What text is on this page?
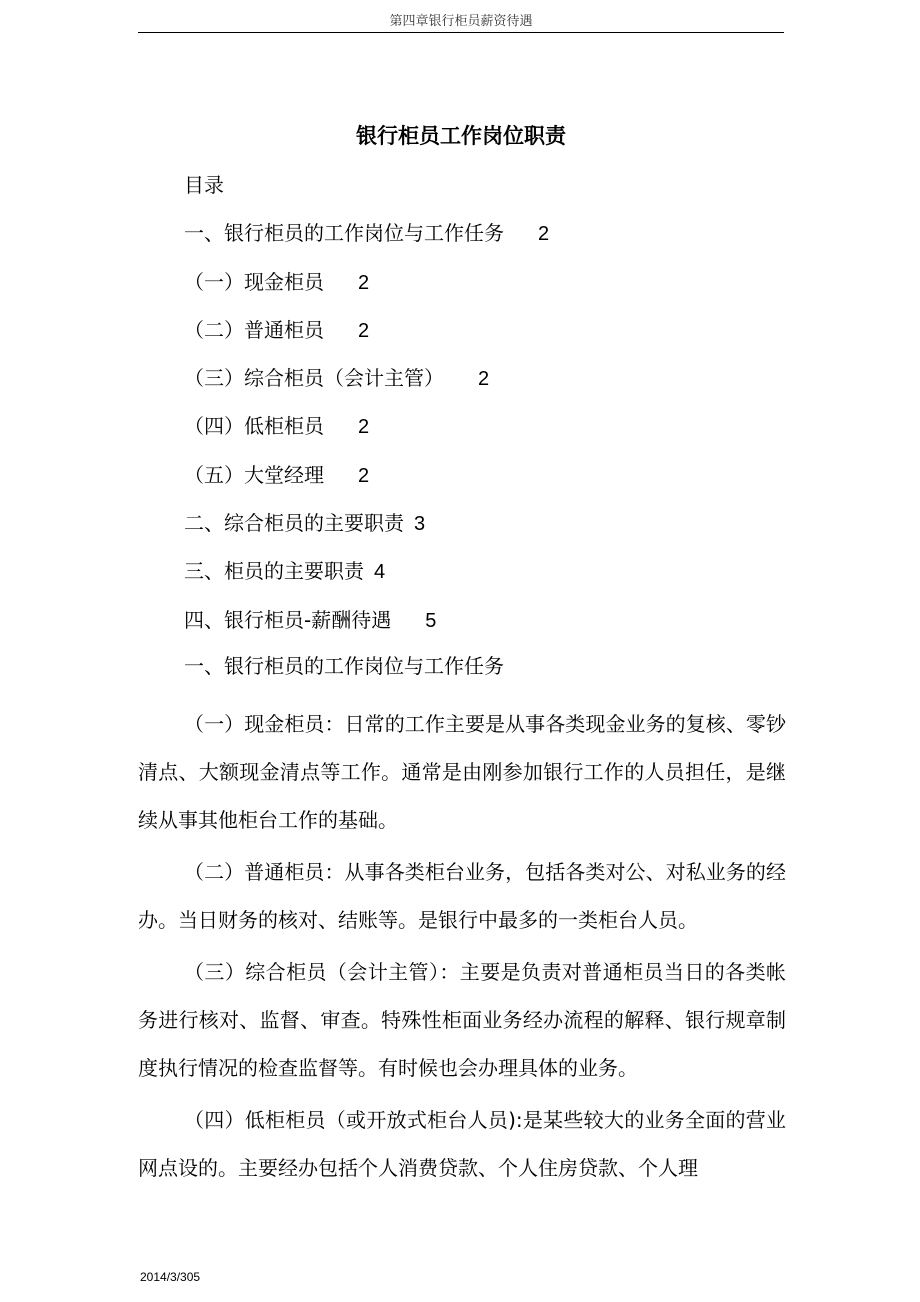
第四章银行柜员薪资待遇
银行柜员工作岗位职责
目录
一、银行柜员的工作岗位与工作任务 2
（一）现金柜员 2
（二）普通柜员 2
（三）综合柜员（会计主管） 2
（四）低柜柜员 2
（五）大堂经理 2
二、综合柜员的主要职责 3
三、柜员的主要职责 4
四、银行柜员-薪酬待遇 5
一、银行柜员的工作岗位与工作任务

（一）现金柜员：日常的工作主要是从事各类现金业务的复核、零钞清点、大额现金清点等工作。通常是由刚参加银行工作的人员担任，是继续从事其他柜台工作的基础。

（二）普通柜员：从事各类柜台业务，包括各类对公、对私业务的经办。当日财务的核对、结账等。是银行中最多的一类柜台人员。

（三）综合柜员（会计主管）：主要是负责对普通柜员当日的各类帐务进行核对、监督、审查。特殊性柜面业务经办流程的解释、银行规章制度执行情况的检查监督等。有时候也会办理具体的业务。

（四）低柜柜员（或开放式柜台人员):是某些较大的业务全面的营业网点设的。主要经办包括个人消费贷款、个人住房贷款、个人理

2014/3/305
